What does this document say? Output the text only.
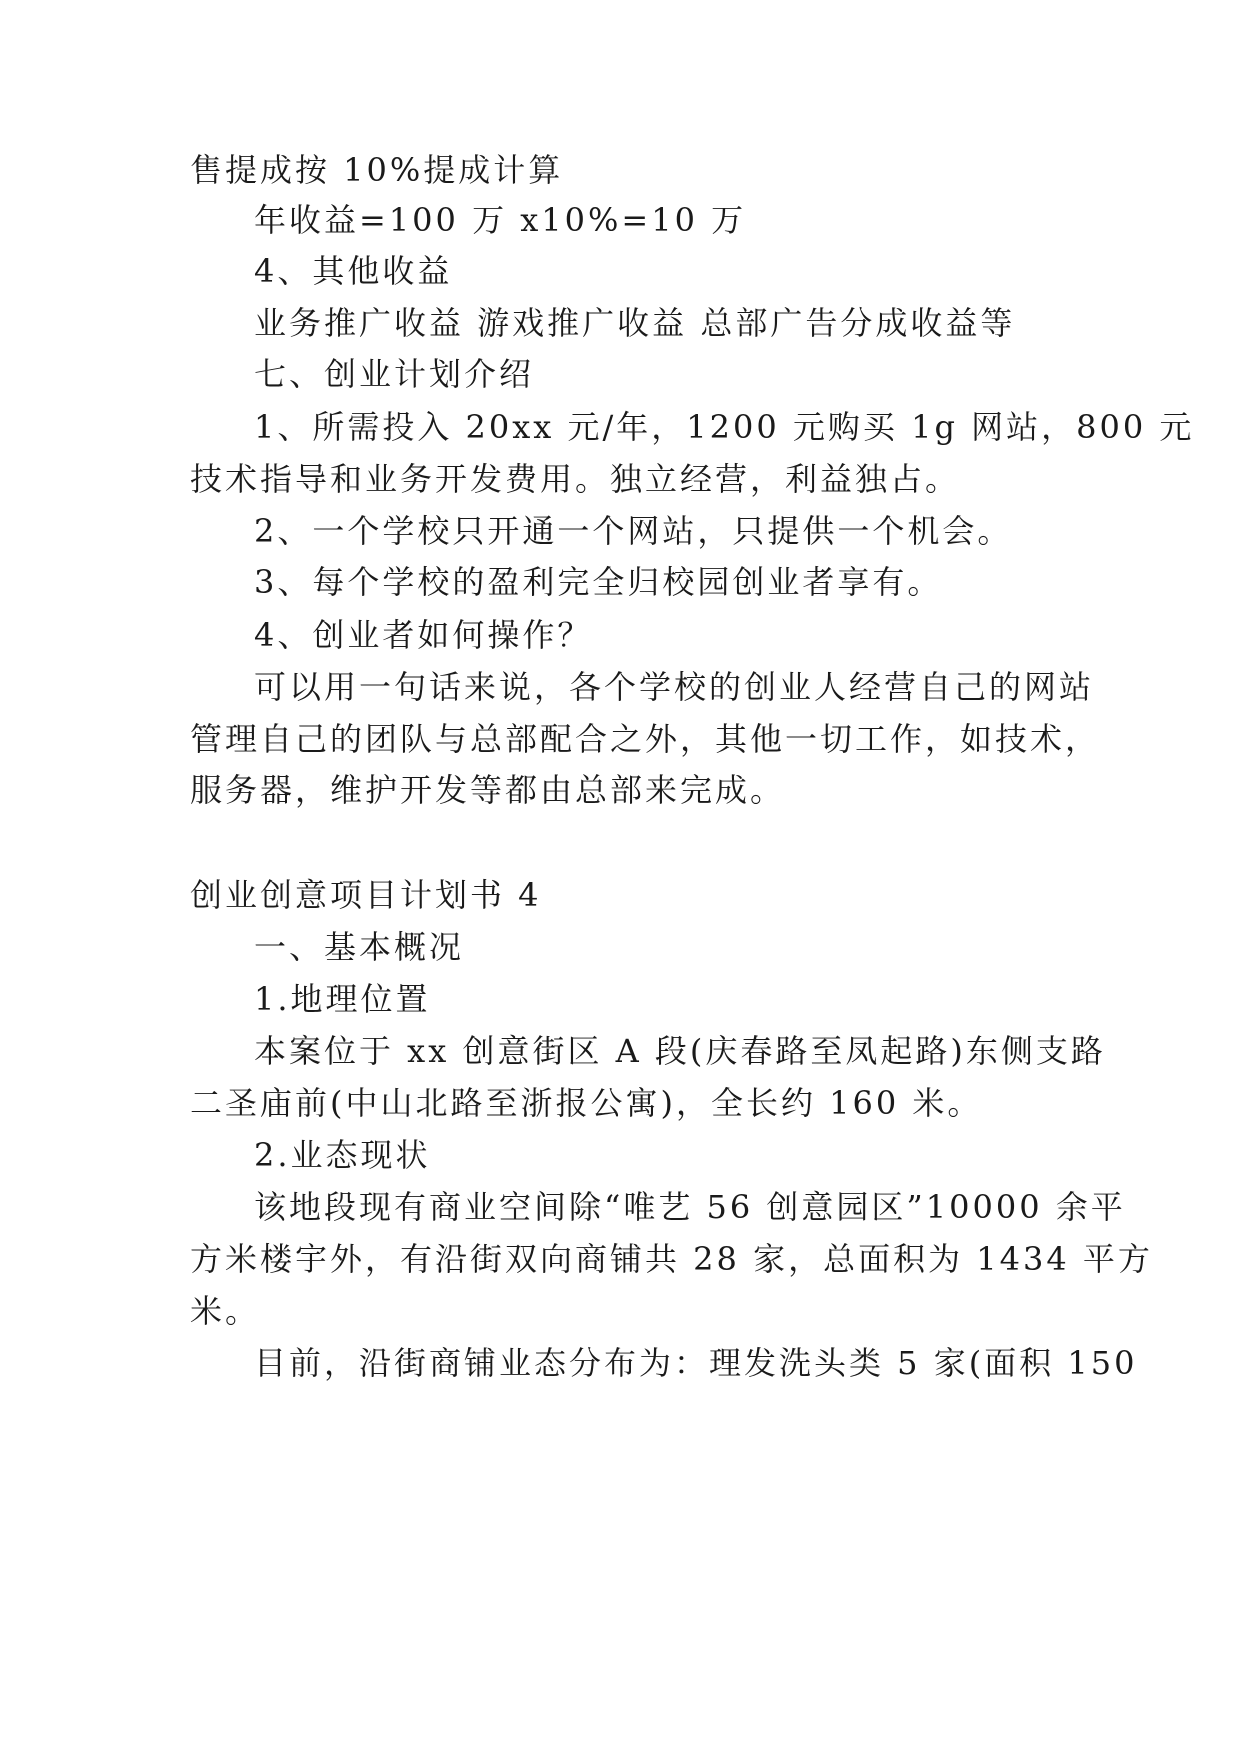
售提成按 10%提成计算
年收益=100 万 x10%=10 万
4、其他收益
业务推广收益 游戏推广收益 总部广告分成收益等
七、创业计划介绍
1、所需投入 20xx 元/年，1200 元购买 1g 网站，800 元
技术指导和业务开发费用。独立经营，利益独占。
2、一个学校只开通一个网站，只提供一个机会。
3、每个学校的盈利完全归校园创业者享有。
4、创业者如何操作？
可以用一句话来说，各个学校的创业人经营自己的网站
管理自己的团队与总部配合之外，其他一切工作，如技术，
服务器，维护开发等都由总部来完成。
创业创意项目计划书 4
一、基本概况
1.地理位置
本案位于 xx 创意街区 A 段(庆春路至凤起路)东侧支路
二圣庙前(中山北路至浙报公寓)，全长约 160 米。
2.业态现状
该地段现有商业空间除“唯艺 56 创意园区”10000 余平
方米楼宇外，有沿街双向商铺共 28 家，总面积为 1434 平方
米。
目前，沿街商铺业态分布为：理发洗头类 5 家(面积 150
